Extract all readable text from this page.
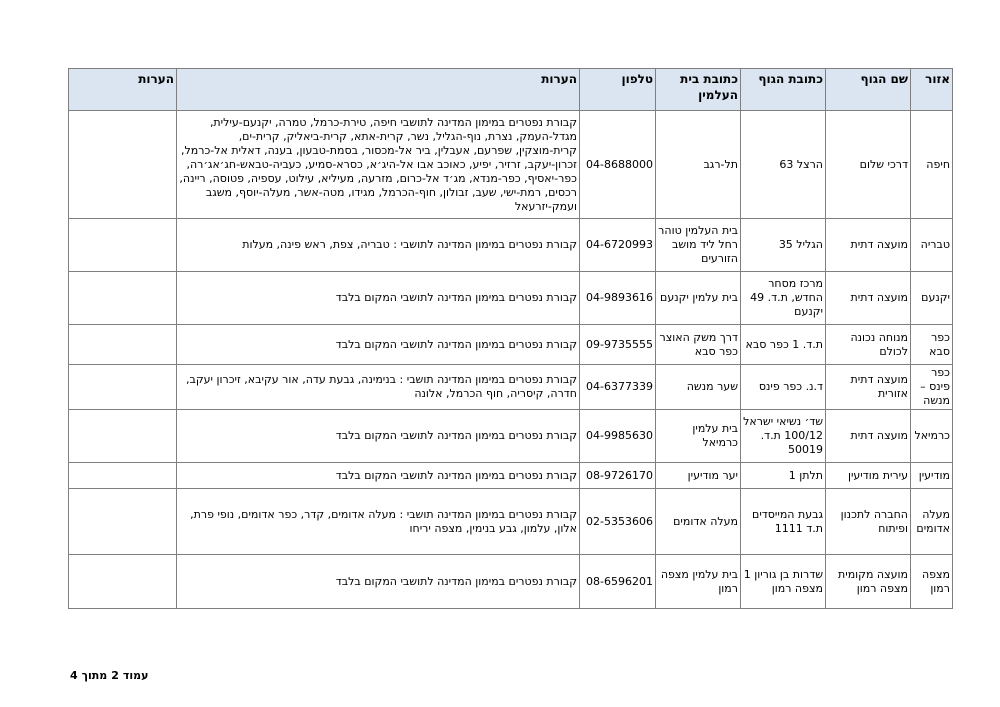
אזור	שם הגוף	כתובת הגוף	כתובת בית העלמין	טלפון	הערות	הערות
חיפה	דרכי שלום	הרצל 63	תל-רגב	04-8688000	קבורת נפטרים במימון המדינה לתושבי חיפה, טירת-כרמל, טמרה, יקנעם-עילית, מגדל-העמק, נצרת, נוף-הגליל, נשר, קרית-אתא, קרית-ביאליק, קרית-ים, קרית-מוצקין, שפרעם, אעבלין, ביר אל-מכסור, בסמת-טבעון, בענה, דאלית אל-כרמל, זכרון-יעקב, זרזיר, יפיע, כאוכב אבו אל-היג׳א, כסרא-סמיע, כעביה-טבאש-חג׳אג׳רה, כפר-יאסיף, כפר-מנדא, מג׳ד אל-כרום, מזרעה, מעיליא, עילוט, עספיה, פטוסה, ריינה, רכסים, רמת-ישי, שעב, זבולון, חוף-הכרמל, מגידו, מטה-אשר, מעלה-יוסף, משגב ועמק-יזרעאל	
טבריה	מועצה דתית	הגליל 35	בית העלמין טוהר רחל ליד מושב הזורעים	04-6720993	קבורת נפטרים במימון המדינה לתושבי : טבריה, צפת, ראש פינה, מעלות	
יקנעם	מועצה דתית	מרכז מסחר החדש, ת.ד. 49 יקנעם	בית עלמין יקנעם	04-9893616	קבורת נפטרים במימון המדינה לתושבי המקום בלבד	
כפר סבא	מנוחה נכונה לכולם	ת.ד. 1 כפר סבא	דרך משק האוצר כפר סבא	09-9735555	קבורת נפטרים במימון המדינה לתושבי המקום בלבד	
כפר פינס – מנשה	מועצה דתית אזורית	ד.נ. כפר פינס	שער מנשה	04-6377339	קבורת נפטרים במימון המדינה תושבי : בנימינה, גבעת עדה, אור עקיבא, זיכרון יעקב, חדרה, קיסריה, חוף הכרמל, אלונה	
כרמיאל	מועצה דתית	שד׳ נשיאי ישראל 100/12 ת.ד. 50019	בית עלמין כרמיאל	04-9985630	קבורת נפטרים במימון המדינה לתושבי המקום בלבד	
מודיעין	עירית מודיעין	תלתן 1	יער מודיעין	08-9726170	קבורת נפטרים במימון המדינה לתושבי המקום בלבד	
מעלה אדומים	החברה לתכנון ופיתוח	גבעת המייסדים ת.ד 1111	מעלה אדומים	02-5353606	קבורת נפטרים במימון המדינה תושבי : מעלה אדומים, קדר, כפר אדומים, נופי פרת, אלון, עלמון, גבע בנימין, מצפה יריחו	
מצפה רמון	מועצה מקומית מצפה רמון	שדרות בן גוריון 1 מצפה רמון	בית עלמין מצפה רמון	08-6596201	קבורת נפטרים במימון המדינה לתושבי המקום בלבד	
עמוד2מתוך4
